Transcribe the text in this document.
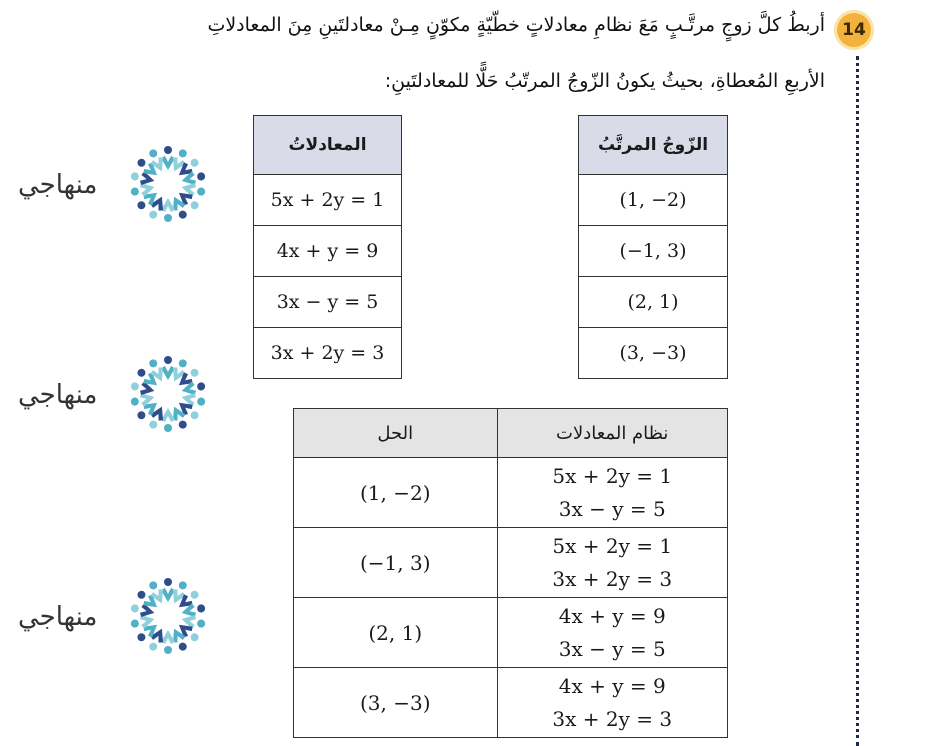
14
أربطُ كلَّ زوجٍ مرتَّـبٍ مَعَ نظامِ معادلاتٍ خطّيّةٍ مكوّنٍ مِـنْ معادلتَينِ مِنَ المعادلاتِ
الأربعِ المُعطاةِ، بحيثُ يكونُ الزّوجُ المرتّبُ حَلًّا للمعادلتَينِ:
الزّوجُ المرتَّبُ
(1, −2)
(−1, 3)
(2, 1)
(3, −3)
المعادلاتُ
5x + 2y = 1
4x + y = 9
3x − y = 5
3x + 2y = 3
الحل	نظام المعادلات
(1, −2)	5x + 2y = 1
3x − y = 5

(−1, 3)	5x + 2y = 1
3x + 2y = 3

(2, 1)	4x + y = 9
3x − y = 5

(3, −3)	4x + y = 9
3x + 2y = 3
منهاجي
منهاجي
منهاجي
